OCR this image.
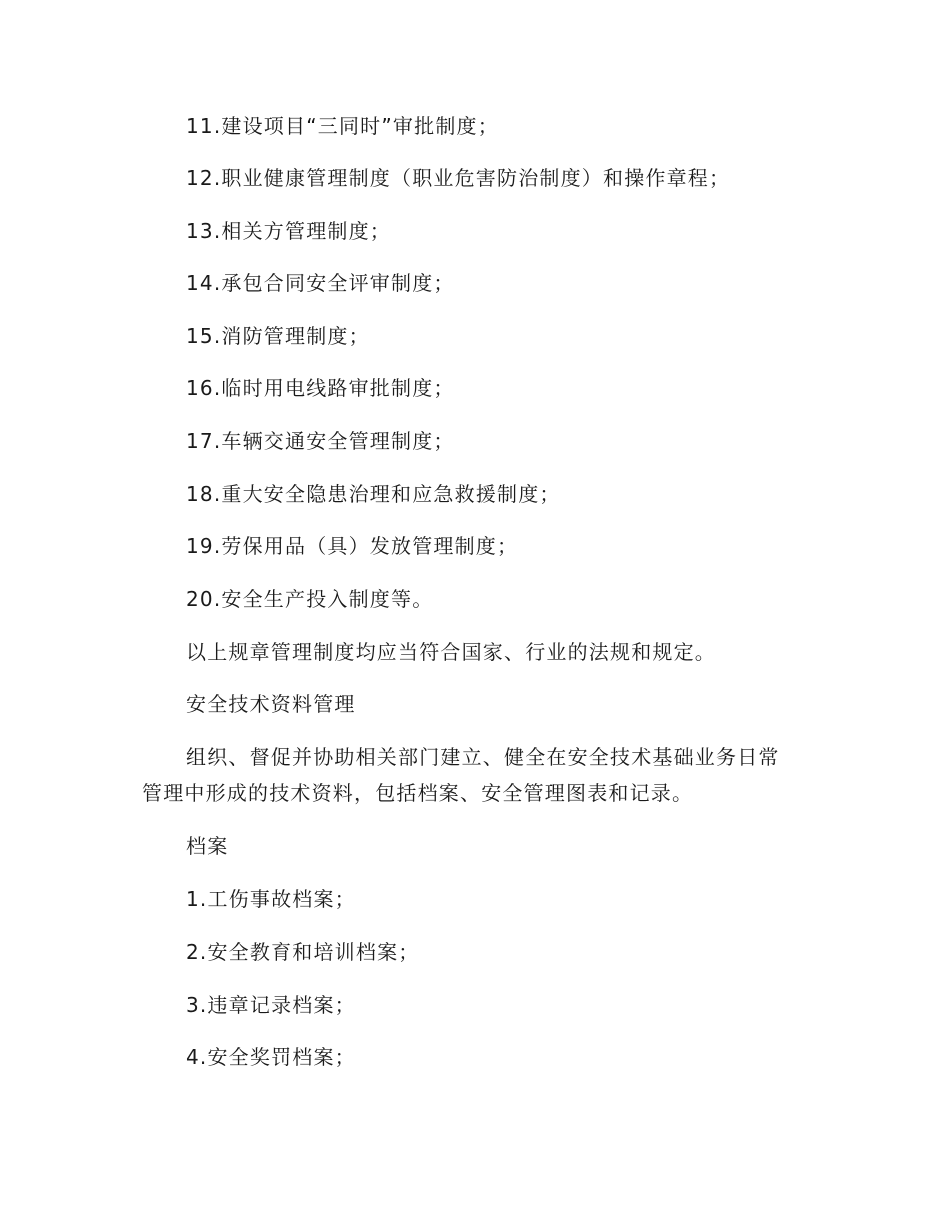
11.建设项目“三同时”审批制度；
12.职业健康管理制度（职业危害防治制度）和操作章程；
13.相关方管理制度；
14.承包合同安全评审制度；
15.消防管理制度；
16.临时用电线路审批制度；
17.车辆交通安全管理制度；
18.重大安全隐患治理和应急救援制度；
19.劳保用品（具）发放管理制度；
20.安全生产投入制度等。
以上规章管理制度均应当符合国家、行业的法规和规定。
安全技术资料管理
组织、督促并协助相关部门建立、健全在安全技术基础业务日常
管理中形成的技术资料，包括档案、安全管理图表和记录。
档案
1.工伤事故档案；
2.安全教育和培训档案；
3.违章记录档案；
4.安全奖罚档案；
